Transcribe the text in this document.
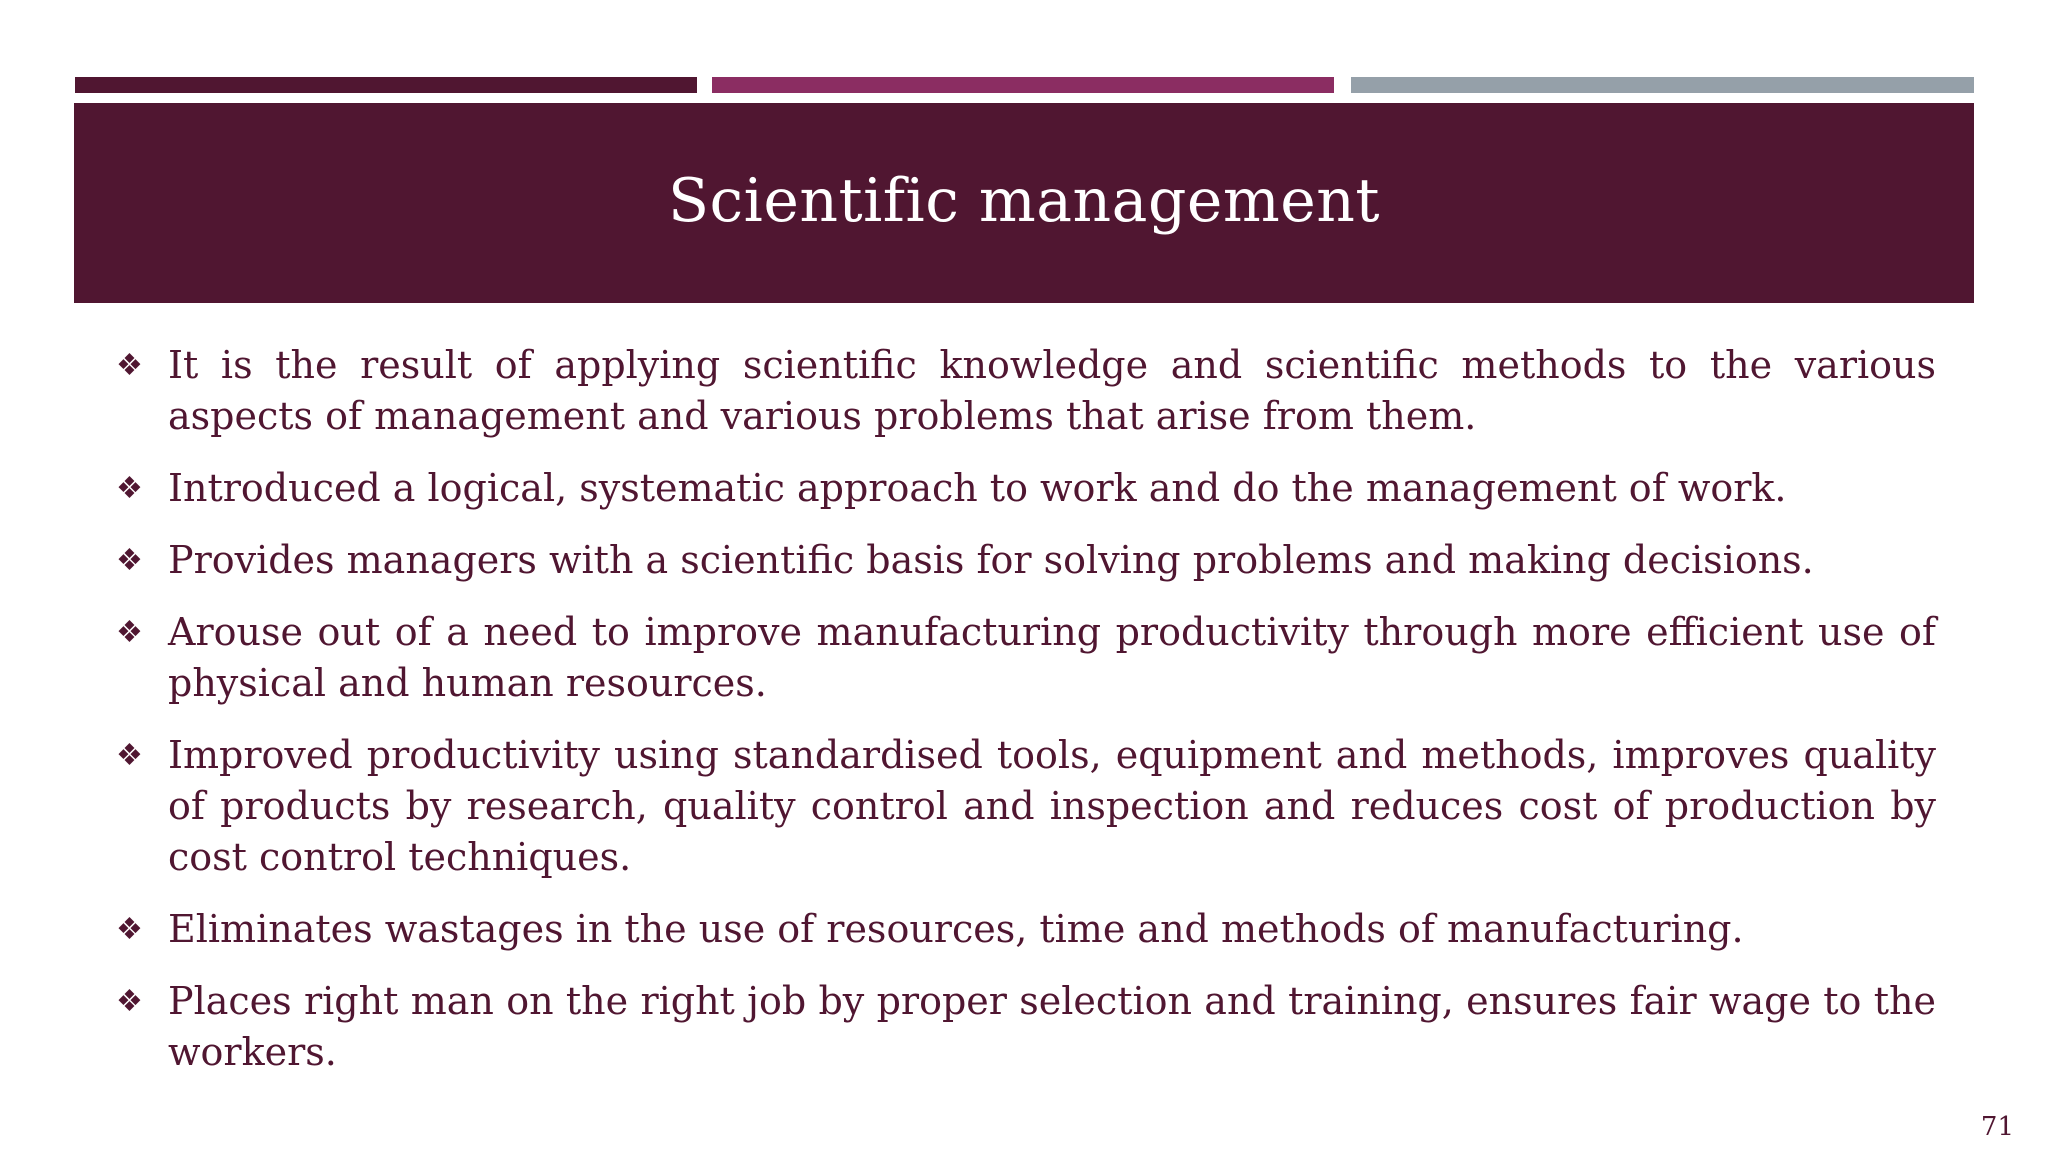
Scientific management
❖ It is the result of applying scientific knowledge and scientific methods to the various aspects of management and various problems that arise from them.

❖ Introduced a logical, systematic approach to work and do the management of work.

❖ Provides managers with a scientific basis for solving problems and making decisions.

❖ Arouse out of a need to improve manufacturing productivity through more efficient use of physical and human resources.

❖ Improved productivity using standardised tools, equipment and methods, improves quality of products by research, quality control and inspection and reduces cost of production by cost control techniques.

❖ Eliminates wastages in the use of resources, time and methods of manufacturing.

❖ Places right man on the right job by proper selection and training, ensures fair wage to the workers.

71
